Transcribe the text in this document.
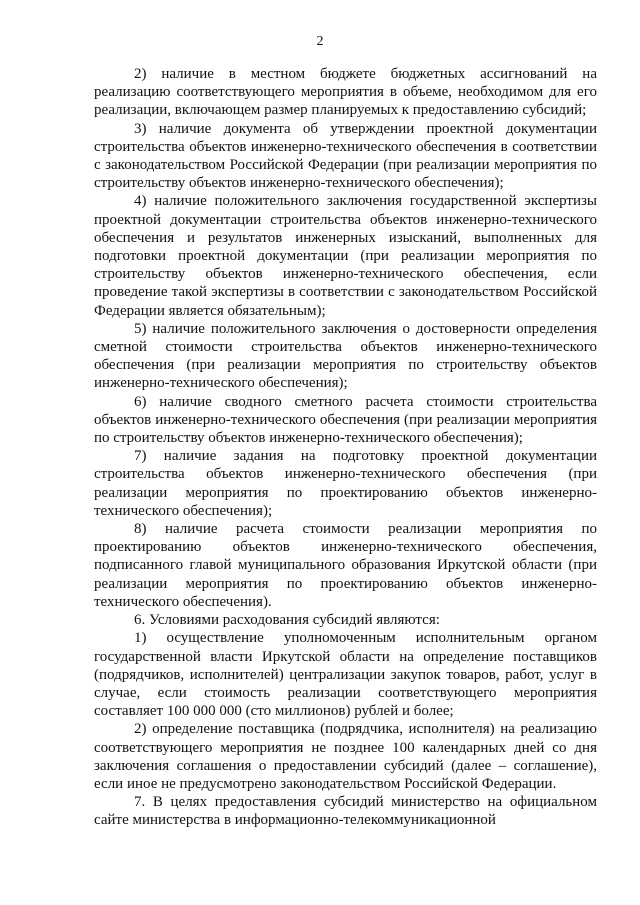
2

2) наличие в местном бюджете бюджетных ассигнований на реализацию соответствующего мероприятия в объеме, необходимом для его реализации, включающем размер планируемых к предоставлению субсидий;

3) наличие документа об утверждении проектной документации строительства объектов инженерно-технического обеспечения в соответствии с законодательством Российской Федерации (при реализации мероприятия по строительству объектов инженерно-технического обеспечения);

4) наличие положительного заключения государственной экспертизы проектной документации строительства объектов инженерно-технического обеспечения и результатов инженерных изысканий, выполненных для подготовки проектной документации (при реализации мероприятия по строительству объектов инженерно-технического обеспечения, если проведение такой экспертизы в соответствии с законодательством Российской Федерации является обязательным);

5) наличие положительного заключения о достоверности определения сметной стоимости строительства объектов инженерно-технического обеспечения (при реализации мероприятия по строительству объектов инженерно-технического обеспечения);

6) наличие сводного сметного расчета стоимости строительства объектов инженерно-технического обеспечения (при реализации мероприятия по строительству объектов инженерно-технического обеспечения);

7) наличие задания на подготовку проектной документации строительства объектов инженерно-технического обеспечения (при реализации мероприятия по проектированию объектов инженерно-технического обеспечения);

8) наличие расчета стоимости реализации мероприятия по проектированию объектов инженерно-технического обеспечения, подписанного главой муниципального образования Иркутской области (при реализации мероприятия по проектированию объектов инженерно-технического обеспечения).

6. Условиями расходования субсидий являются:

1) осуществление уполномоченным исполнительным органом государственной власти Иркутской области на определение поставщиков (подрядчиков, исполнителей) централизации закупок товаров, работ, услуг в случае, если стоимость реализации соответствующего мероприятия составляет 100 000 000 (сто миллионов) рублей и более;

2) определение поставщика (подрядчика, исполнителя) на реализацию соответствующего мероприятия не позднее 100 календарных дней со дня заключения соглашения о предоставлении субсидий (далее – соглашение), если иное не предусмотрено законодательством Российской Федерации.

7. В целях предоставления субсидий министерство на официальном сайте министерства в информационно-телекоммуникационной
